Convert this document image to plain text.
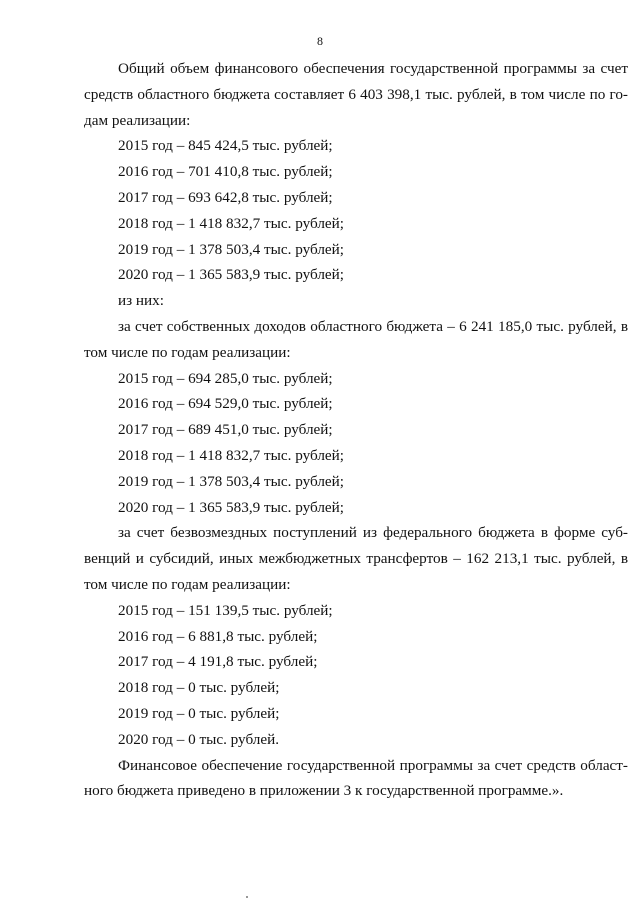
8
Общий объем финансового обеспечения государственной программы за счет
средств областного бюджета составляет 6 403 398,1 тыс. рублей, в том числе по го-
дам реализации:
2015 год – 845 424,5 тыс. рублей;
2016 год – 701 410,8 тыс. рублей;
2017 год – 693 642,8 тыс. рублей;
2018 год – 1 418 832,7 тыс. рублей;
2019 год – 1 378 503,4 тыс. рублей;
2020 год – 1 365 583,9 тыс. рублей;
из них:
за счет собственных доходов областного бюджета – 6 241 185,0 тыс. рублей, в
том числе по годам реализации:
2015 год – 694 285,0 тыс. рублей;
2016 год – 694 529,0 тыс. рублей;
2017 год – 689 451,0 тыс. рублей;
2018 год – 1 418 832,7 тыс. рублей;
2019 год – 1 378 503,4 тыс. рублей;
2020 год – 1 365 583,9 тыс. рублей;
за счет безвозмездных поступлений из федерального бюджета в форме суб-
венций и субсидий, иных межбюджетных трансфертов – 162 213,1 тыс. рублей, в
том числе по годам реализации:
2015 год – 151 139,5 тыс. рублей;
2016 год – 6 881,8 тыс. рублей;
2017 год – 4 191,8 тыс. рублей;
2018 год – 0 тыс. рублей;
2019 год – 0 тыс. рублей;
2020 год – 0 тыс. рублей.
Финансовое обеспечение государственной программы за счет средств област-
ного бюджета приведено в приложении 3 к государственной программе.».
